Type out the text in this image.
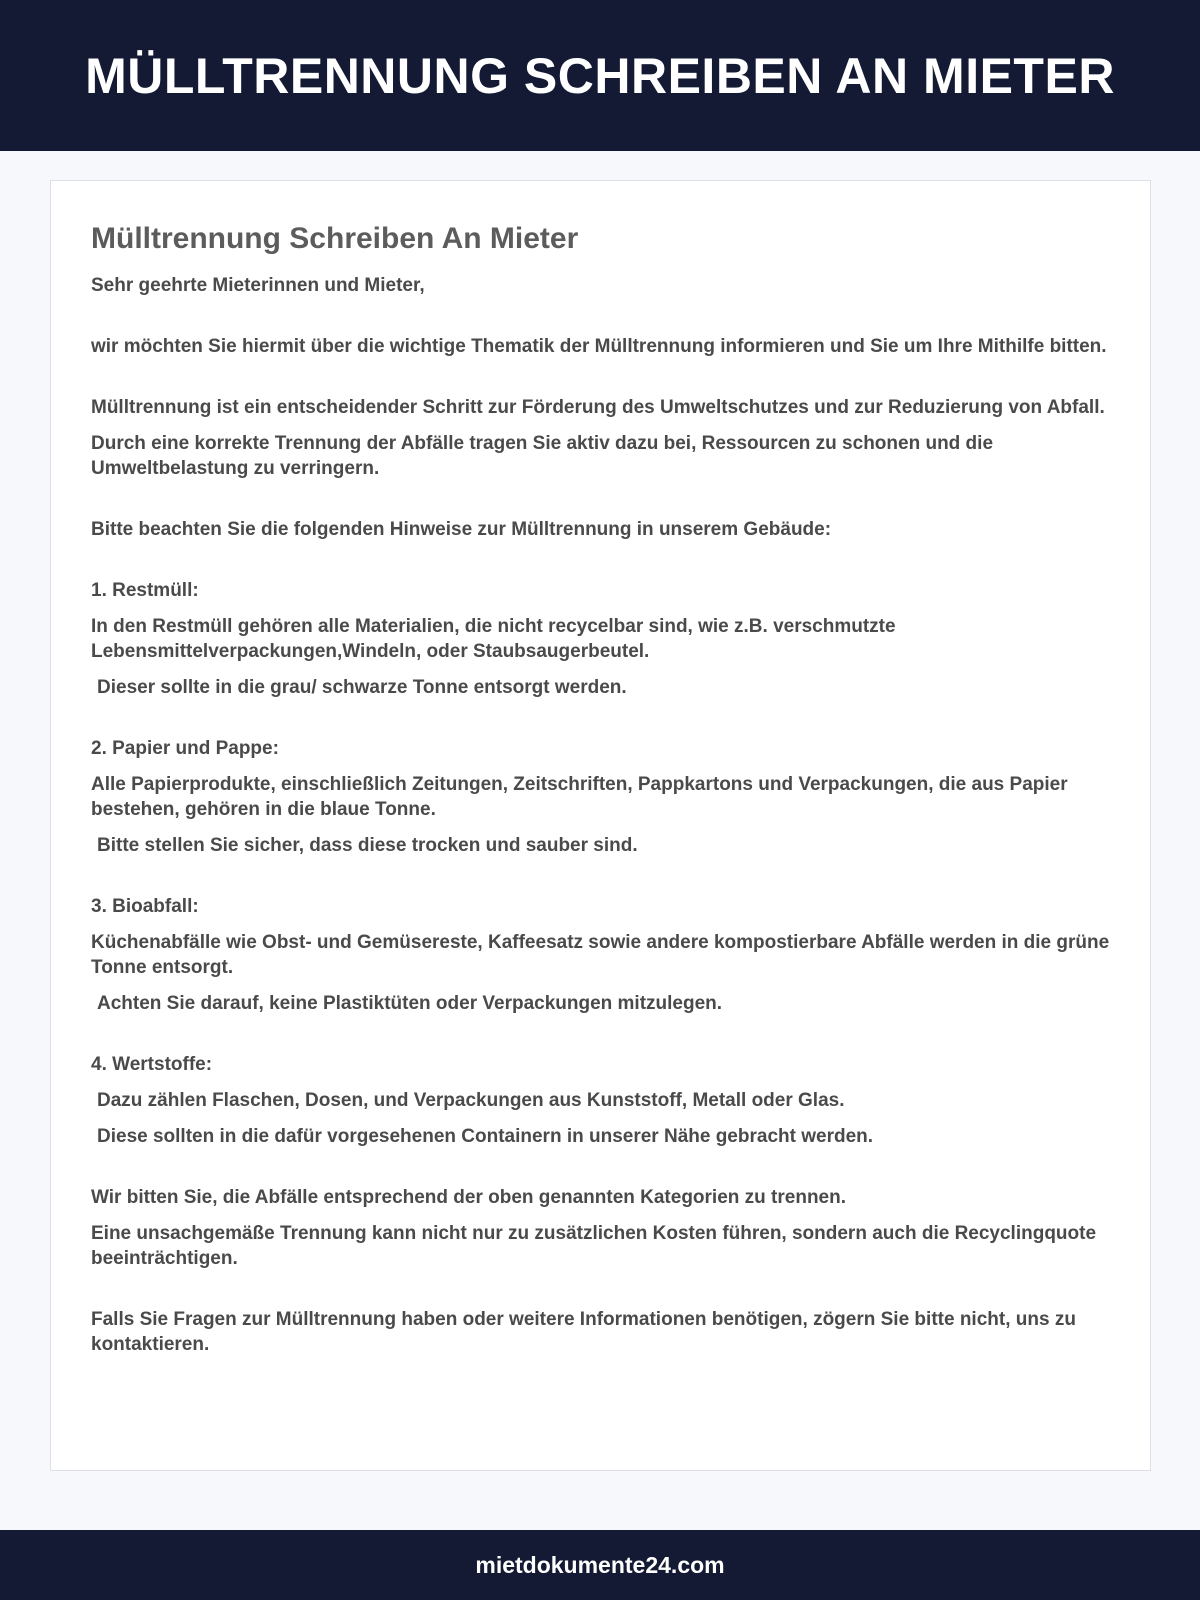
MÜLLTRENNUNG SCHREIBEN AN MIETER
Mülltrennung Schreiben An Mieter

Sehr geehrte Mieterinnen und Mieter,

wir möchten Sie hiermit über die wichtige Thematik der Mülltrennung informieren und Sie um Ihre Mithilfe bitten.

Mülltrennung ist ein entscheidender Schritt zur Förderung des Umweltschutzes und zur Reduzierung von Abfall.

Durch eine korrekte Trennung der Abfälle tragen Sie aktiv dazu bei, Ressourcen zu schonen und die Umweltbelastung zu verringern.

Bitte beachten Sie die folgenden Hinweise zur Mülltrennung in unserem Gebäude:

1. Restmüll:

In den Restmüll gehören alle Materialien, die nicht recycelbar sind, wie z.B. verschmutzte Lebensmittelverpackungen,Windeln, oder Staubsaugerbeutel.

Dieser sollte in die grau/ schwarze Tonne entsorgt werden.

2. Papier und Pappe:

Alle Papierprodukte, einschließlich Zeitungen, Zeitschriften, Pappkartons und Verpackungen, die aus Papier bestehen, gehören in die blaue Tonne.

Bitte stellen Sie sicher, dass diese trocken und sauber sind.

3. Bioabfall:

Küchenabfälle wie Obst- und Gemüsereste, Kaffeesatz sowie andere kompostierbare Abfälle werden in die grüne Tonne entsorgt.

Achten Sie darauf, keine Plastiktüten oder Verpackungen mitzulegen.

4. Wertstoffe:

Dazu zählen Flaschen, Dosen, und Verpackungen aus Kunststoff, Metall oder Glas.

Diese sollten in die dafür vorgesehenen Containern in unserer Nähe gebracht werden.

Wir bitten Sie, die Abfälle entsprechend der oben genannten Kategorien zu trennen.

Eine unsachgemäße Trennung kann nicht nur zu zusätzlichen Kosten führen, sondern auch die Recyclingquote beeinträchtigen.

Falls Sie Fragen zur Mülltrennung haben oder weitere Informationen benötigen, zögern Sie bitte nicht, uns zu kontaktieren.

mietdokumente24.com
